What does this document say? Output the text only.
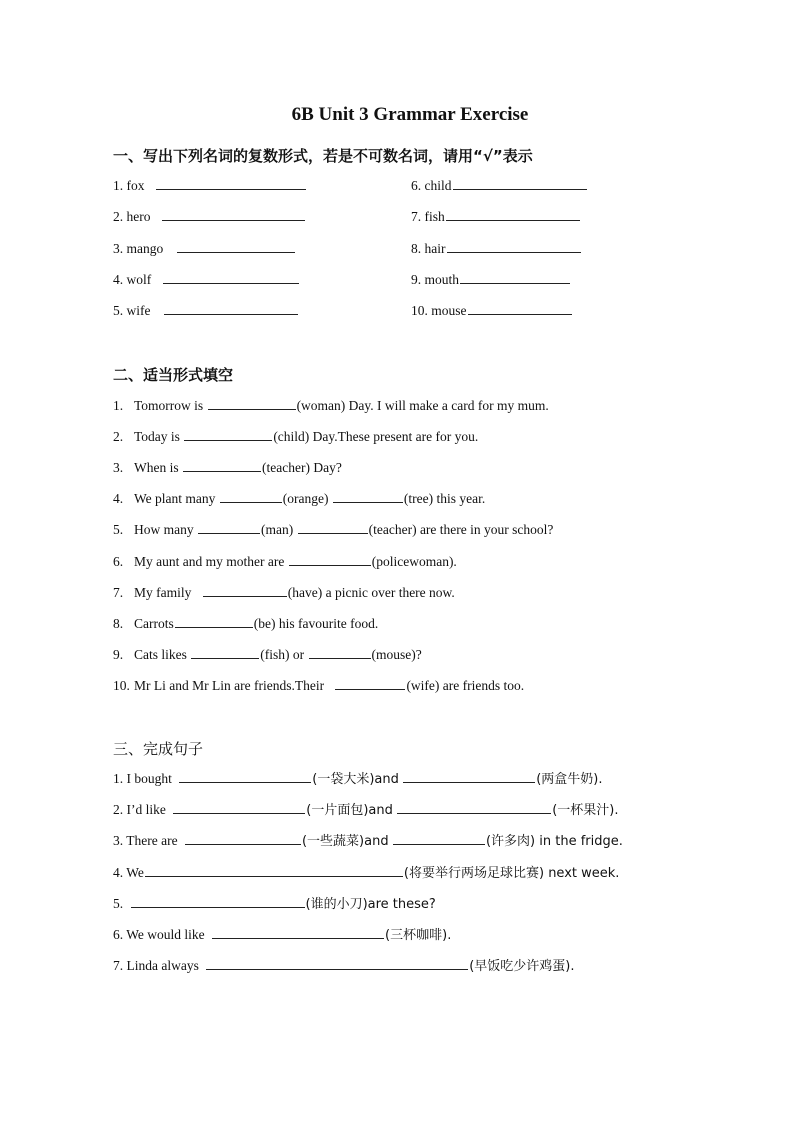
6B Unit 3 Grammar Exercise
一、写出下列名词的复数形式，若是不可数名词，请用“√”表示
1. fox
2. hero
3. mango
4. wolf
5. wife
6. child
7. fish
8. hair
9. mouth
10. mouse
二、适当形式填空
1. Tomorrow is	(woman) Day. I will make a card for my mum.
2. Today is	(child) Day.These present are for you.
3. When is	(teacher) Day?
4. We plant many	(orange)	(tree) this year.
5. How many	(man)	(teacher) are there in your school?
6. My aunt and my mother are	(policewoman).
7. My family	(have) a picnic over there now.
8. Carrots	(be) his favourite food.
9. Cats likes	(fish) or	(mouse)?
10. Mr Li and Mr Lin are friends.Their	(wife) are friends too.
三、完成句子
1. I bought	(一袋大米)and	(两盒牛奶).
2. I’d like	(一片面包)and	(一杯果汁).
3. There are	(一些蔬菜)and	(许多肉) in the fridge.
4. We	(将要举行两场足球比赛) next week.
5.	(谁的小刀)are these?
6. We would like	(三杯咖啡).
7. Linda always	(早饭吃少许鸡蛋).
